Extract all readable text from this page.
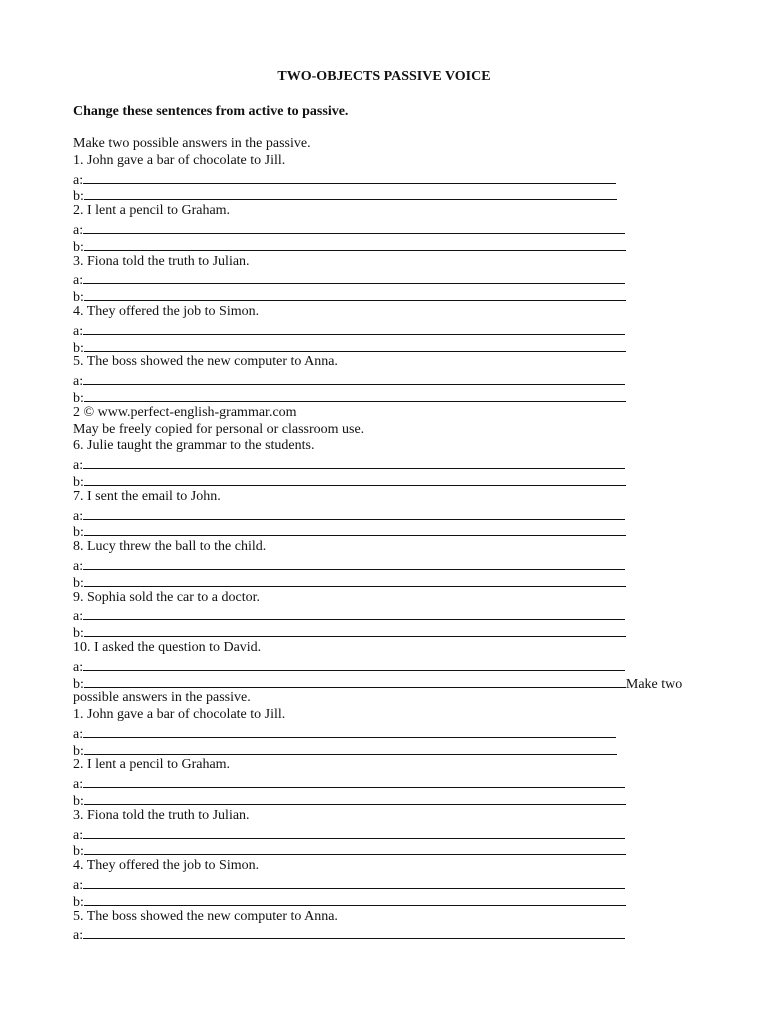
TWO-OBJECTS PASSIVE VOICE
Change these sentences from active to passive.
Make two possible answers in the passive.
1. John gave a bar of chocolate to Jill.
a:
b:
2. I lent a pencil to Graham.
a:
b:
3. Fiona told the truth to Julian.
a:
b:
4. They offered the job to Simon.
a:
b:
5. The boss showed the new computer to Anna.
a:
b:
2 © www.perfect-english-grammar.com
May be freely copied for personal or classroom use.
6. Julie taught the grammar to the students.
a:
b:
7. I sent the email to John.
a:
b:
8. Lucy threw the ball to the child.
a:
b:
9. Sophia sold the car to a doctor.
a:
b:
10. I asked the question to David.
a:
b:	Make two
possible answers in the passive.
1. John gave a bar of chocolate to Jill.
a:
b:
2. I lent a pencil to Graham.
a:
b:
3. Fiona told the truth to Julian.
a:
b:
4. They offered the job to Simon.
a:
b:
5. The boss showed the new computer to Anna.
a:
